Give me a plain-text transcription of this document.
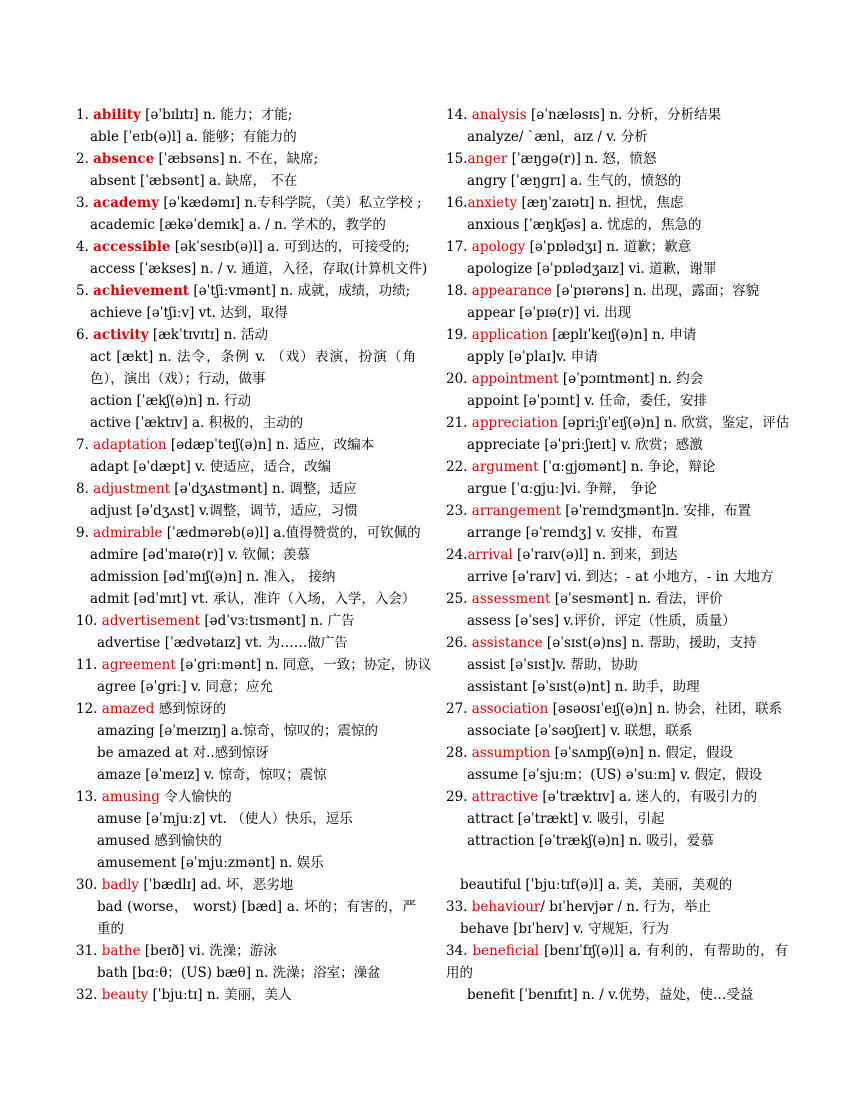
1. ability [əˈbɪlɪtɪ] n. 能力；才能;
able [ˈeɪb(ə)l] a. 能够；有能力的
2. absence [ˈæbsəns] n. 不在，缺席;
absent [ˈæbsənt] a. 缺席， 不在
3. academy [əˈkædəmɪ] n.专科学院，（美）私立学校 ;
academic [ækəˈdemɪk] a. / n. 学术的，教学的
4. accessible [əkˈsesɪb(ə)l] a. 可到达的，可接受的;
access [ˈækses] n. / v. 通道，入径，存取(计算机文件)
5. achievement [əˈtʃiːvmənt] n. 成就，成绩，功绩;
achieve [əˈtʃiːv] vt. 达到，取得
6. activity [ækˈtɪvɪtɪ] n. 活动
act [ækt] n. 法令，条例 v. （戏）表演，扮演（角色），演出（戏）；行动，做事
action [ˈækʃ(ə)n] n. 行动
active [ˈæktɪv] a. 积极的，主动的
7. adaptation [ədæpˈteɪʃ(ə)n] n. 适应，改编本
adapt [əˈdæpt] v. 使适应，适合，改编
8. adjustment [əˈdʒʌstmənt] n. 调整，适应
adjust [əˈdʒʌst] v.调整，调节，适应，习惯
9. admirable [ˈædmərəb(ə)l] a.值得赞赏的，可钦佩的
admire [ədˈmaɪə(r)] v. 钦佩；羡慕
admission [ədˈmɪʃ(ə)n] n. 准入， 接纳
admit [ədˈmɪt] vt. 承认，准许（入场，入学，入会）
10. advertisement [ədˈvɜːtɪsmənt] n. 广告
advertise [ˈædvətaɪz] vt. 为……做广告
11. agreement [əˈgriːmənt] n. 同意，一致；协定，协议
agree [əˈgriː] v. 同意；应允
12. amazed 感到惊讶的
amazing [əˈmeɪzɪŋ] a.惊奇，惊叹的；震惊的
be amazed at 对..感到惊讶
amaze [əˈmeɪz] v. 惊奇，惊叹；震惊
13. amusing 令人愉快的
amuse [əˈmjuːz] vt. （使人）快乐，逗乐
amused 感到愉快的
amusement [əˈmjuːzmənt] n. 娱乐
30. badly [ˈbædlɪ] ad. 坏，恶劣地
bad (worse， worst) [bæd] a. 坏的；有害的，严重的
31. bathe [beɪð] vi. 洗澡；游泳
bath [bɑːθ；(US) bæθ] n. 洗澡；浴室；澡盆
32. beauty [ˈbjuːtɪ] n. 美丽，美人
14. analysis [əˈnæləsɪs] n. 分析，分析结果
analyze/ `ænl，aɪz / v. 分析
15.anger [ˈæŋgə(r)] n. 怒，愤怒
angry [ˈæŋgrɪ] a. 生气的，愤怒的
16.anxiety [æŋˈzaɪətɪ] n. 担忧，焦虑
anxious [ˈæŋkʃəs] a. 忧虑的，焦急的
17. apology [əˈpɒlədʒɪ] n. 道歉；歉意
apologize [əˈpɒlədʒaɪz] vi. 道歉，谢罪
18. appearance [əˈpɪərəns] n. 出现，露面；容貌
appear [əˈpɪə(r)] vi. 出现
19. application [æplɪˈkeɪʃ(ə)n] n. 申请
apply [əˈplaɪ]v. 申请
20. appointment [əˈpɔɪntmənt] n. 约会
appoint [əˈpɔɪnt] v. 任命，委任，安排
21. appreciation [əpriːʃɪˈeɪʃ(ə)n] n. 欣赏，鉴定，评估
appreciate [əˈpriːʃɪeɪt] v. 欣赏；感激
22. argument [ˈɑːgjʊmənt] n. 争论，辩论
argue [ˈɑːgjuː]vi. 争辩， 争论
23. arrangement [əˈreɪndʒmənt]n. 安排，布置
arrange [əˈreɪndʒ] v. 安排，布置
24.arrival [əˈraɪv(ə)l] n. 到来，到达
arrive [əˈraɪv] vi. 到达；- at 小地方，- in 大地方
25. assessment [əˈsesmənt] n. 看法，评价
assess [əˈses] v.评价，评定（性质，质量）
26. assistance [əˈsɪst(ə)ns] n. 帮助，援助，支持
assist [əˈsɪst]v. 帮助，协助
assistant [əˈsɪst(ə)nt] n. 助手，助理
27. association [əsəʊsɪˈeɪʃ(ə)n] n. 协会，社团，联系
associate [əˈsəʊʃɪeɪt] v. 联想，联系
28. assumption [əˈsʌmpʃ(ə)n] n. 假定，假设
assume [əˈsjuːm；(US) əˈsuːm] v. 假定，假设
29. attractive [əˈtræktɪv] a. 迷人的，有吸引力的
attract [əˈtrækt] v. 吸引，引起
attraction [əˈtrækʃ(ə)n] n. 吸引，爱慕
beautiful [ˈbjuːtɪf(ə)l] a. 美，美丽，美观的
33. behaviour/ bɪˈheɪvjər / n. 行为，举止
behave [bɪˈheɪv] v. 守规矩，行为
34. beneficial [benɪˈfɪʃ(ə)l] a. 有利的，有帮助的，有用的
benefit [ˈbenɪfɪt] n. / v.优势，益处，使…受益
